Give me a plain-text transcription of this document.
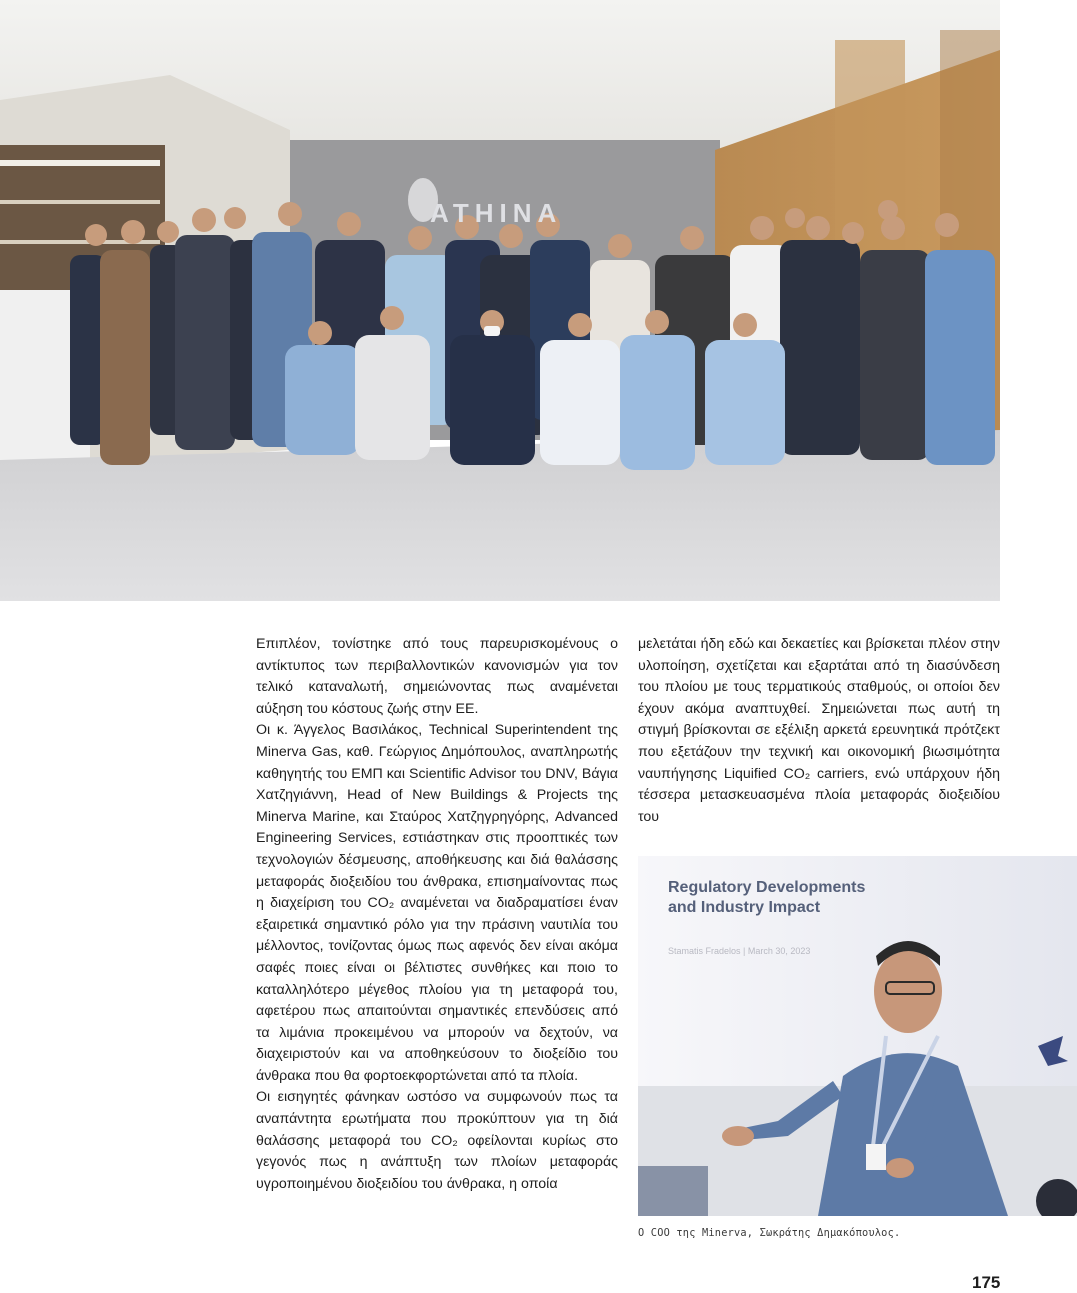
ATHINA

Επιπλέον, τονίστηκε από τους παρευρισκομένους ο αντίκτυπος των περιβαλλοντικών κανονισμών για τον τελικό καταναλωτή, σημειώνοντας πως αναμένεται αύξηση του κόστους ζωής στην ΕΕ.

Οι κ. Άγγελος Βασιλάκος, Technical Superintendent της Minerva Gas, καθ. Γεώργιος Δημόπουλος, αναπληρωτής καθηγητής του ΕΜΠ και Scientific Advisor του DNV, Βάγια Χατζηγιάννη, Head of New Buildings & Projects της Minerva Marine, και Σταύρος Χατζηγρηγόρης, Advanced Engineering Services, εστιάστηκαν στις προοπτικές των τεχνολογιών δέσμευσης, αποθήκευσης και διά θαλάσσης μεταφοράς διοξειδίου του άνθρακα, επισημαίνοντας πως η διαχείριση του CO₂ αναμένεται να διαδραματίσει έναν εξαιρετικά σημαντικό ρόλο για την πράσινη ναυτιλία του μέλλοντος, τονίζοντας όμως πως αφενός δεν είναι ακόμα σαφές ποιες είναι οι βέλτιστες συνθήκες και ποιο το καταλληλότερο μέγεθος πλοίου για τη μεταφορά του, αφετέρου πως απαιτούνται σημαντικές επενδύσεις από τα λιμάνια προκειμένου να μπορούν να δεχτούν, να διαχειριστούν και να αποθηκεύσουν το διοξείδιο του άνθρακα που θα φορτοεκφορτώνεται από τα πλοία.

Οι εισηγητές φάνηκαν ωστόσο να συμφωνούν πως τα αναπάντητα ερωτήματα που προκύπτουν για τη διά θαλάσσης μεταφορά του CO₂ οφείλονται κυρίως στο γεγονός πως η ανάπτυξη των πλοίων μεταφοράς υγροποιημένου διοξειδίου του άνθρακα, η οποία

μελετάται ήδη εδώ και δεκαετίες και βρίσκεται πλέον στην υλοποίηση, σχετίζεται και εξαρτάται από τη διασύνδεση του πλοίου με τους τερματικούς σταθμούς, οι οποίοι δεν έχουν ακόμα αναπτυχθεί. Σημειώνεται πως αυτή τη στιγμή βρίσκονται σε εξέλιξη αρκετά ερευνητικά πρότζεκτ που εξετάζουν την τεχνική και οικονομική βιωσιμότητα ναυπήγησης Liquified CO₂ carriers, ενώ υπάρχουν ήδη τέσσερα μετασκευασμένα πλοία μεταφοράς διοξειδίου του

Regulatory Developments
and Industry Impact
Stamatis Fradelos | March 30, 2023
Ο COO της Minerva, Σωκράτης Δημακόπουλος.
175
